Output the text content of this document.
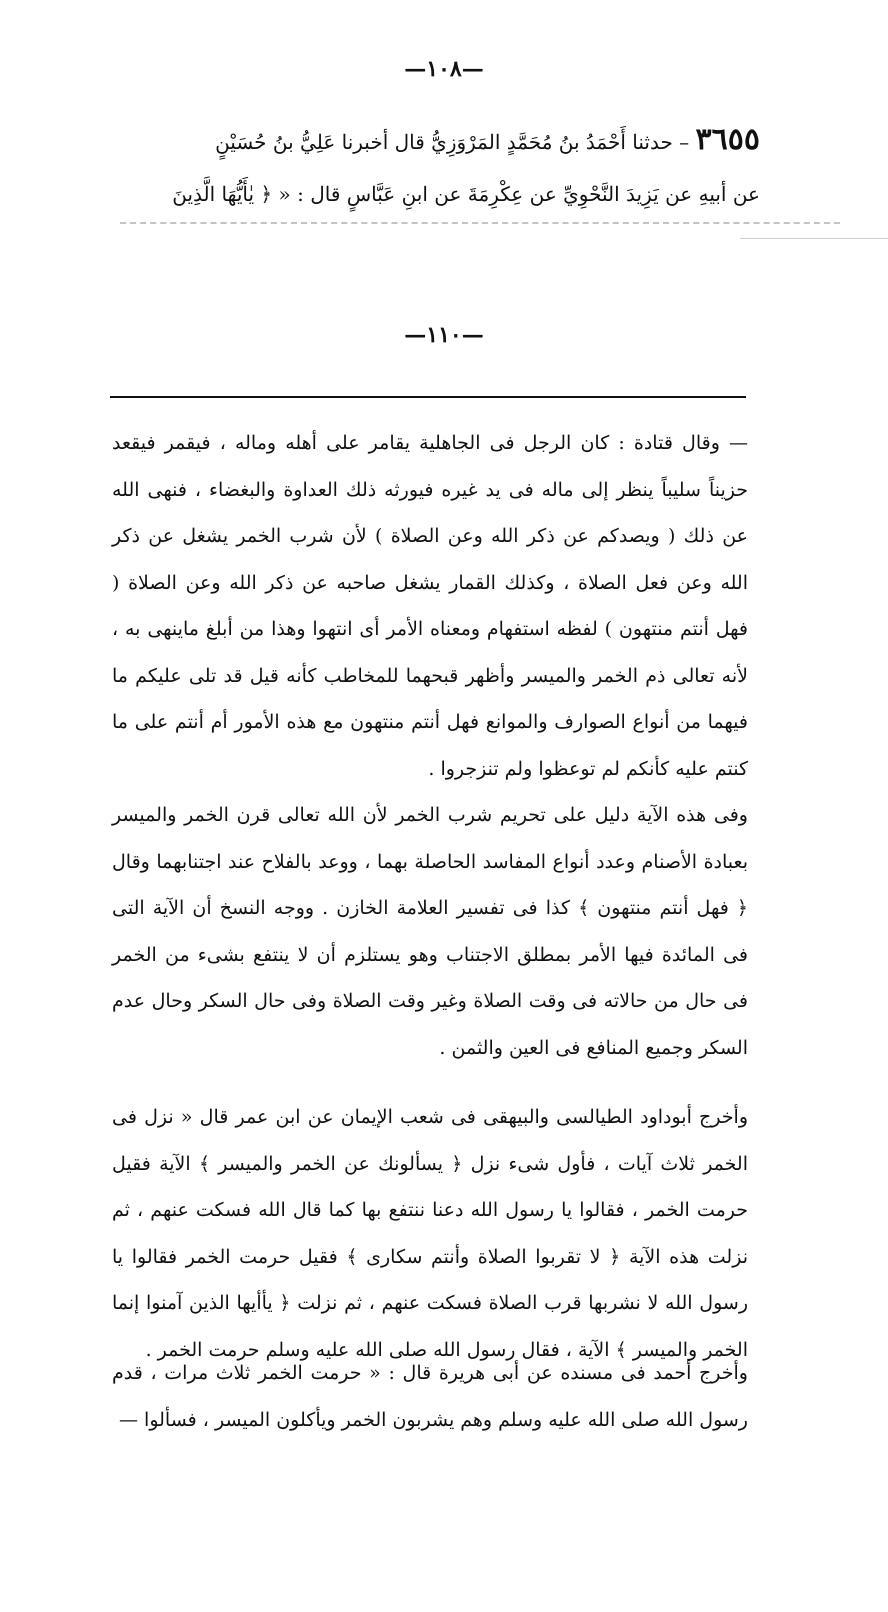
—١٠٨—
٣٦٥٥ – حدثنا أَحْمَدُ بنُ مُحَمَّدٍ المَرْوَزِيُّ قال أخبرنا عَلِيُّ بنُ حُسَيْنٍ
عن أبيهِ عن يَزِيدَ النَّحْوِيِّ عن عِكْرِمَةَ عن ابنِ عَبَّاسٍ قال : « ﴿ يٰأَيُّهَا الَّذِينَ
—١١٠—

— وقال قتادة : كان الرجل فى الجاهلية يقامر على أهله وماله ، فيقمر فيقعد حزيناً سليباً ينظر إلى ماله فى يد غيره فيورثه ذلك العداوة والبغضاء ، فنهى الله عن ذلك ( ويصدكم عن ذكر الله وعن الصلاة ) لأن شرب الخمر يشغل عن ذكر الله وعن فعل الصلاة ، وكذلك القمار يشغل صاحبه عن ذكر الله وعن الصلاة ( فهل أنتم منتهون ) لفظه استفهام ومعناه الأمر أى انتهوا وهذا من أبلغ ماينهى به ، لأنه تعالى ذم الخمر والميسر وأظهر قبحهما للمخاطب كأنه قيل قد تلى عليكم ما فيهما من أنواع الصوارف والموانع فهل أنتم منتهون مع هذه الأمور أم أنتم على ما كنتم عليه كأنكم لم توعظوا ولم تنزجروا .

وفى هذه الآية دليل على تحريم شرب الخمر لأن الله تعالى قرن الخمر والميسر بعبادة الأصنام وعدد أنواع المفاسد الحاصلة بهما ، ووعد بالفلاح عند اجتنابهما وقال ﴿ فهل أنتم منتهون ﴾ كذا فى تفسير العلامة الخازن . ووجه النسخ أن الآية التى فى المائدة فيها الأمر بمطلق الاجتناب وهو يستلزم أن لا ينتفع بشىء من الخمر فى حال من حالاته فى وقت الصلاة وغير وقت الصلاة وفى حال السكر وحال عدم السكر وجميع المنافع فى العين والثمن .

وأخرج أبوداود الطيالسى والبيهقى فى شعب الإيمان عن ابن عمر قال « نزل فى الخمر ثلاث آيات ، فأول شىء نزل ﴿ يسألونك عن الخمر والميسر ﴾ الآية فقيل حرمت الخمر ، فقالوا يا رسول الله دعنا ننتفع بها كما قال الله فسكت عنهم ، ثم نزلت هذه الآية ﴿ لا تقربوا الصلاة وأنتم سكارى ﴾ فقيل حرمت الخمر فقالوا يا رسول الله لا نشربها قرب الصلاة فسكت عنهم ، ثم نزلت ﴿ يأأيها الذين آمنوا إنما الخمر والميسر ﴾ الآية ، فقال رسول الله صلى الله عليه وسلم حرمت الخمر .

وأخرج أحمد فى مسنده عن أبى هريرة قال : « حرمت الخمر ثلاث مرات ، قدم رسول الله صلى الله عليه وسلم وهم يشربون الخمر ويأكلون الميسر ، فسألوا —
